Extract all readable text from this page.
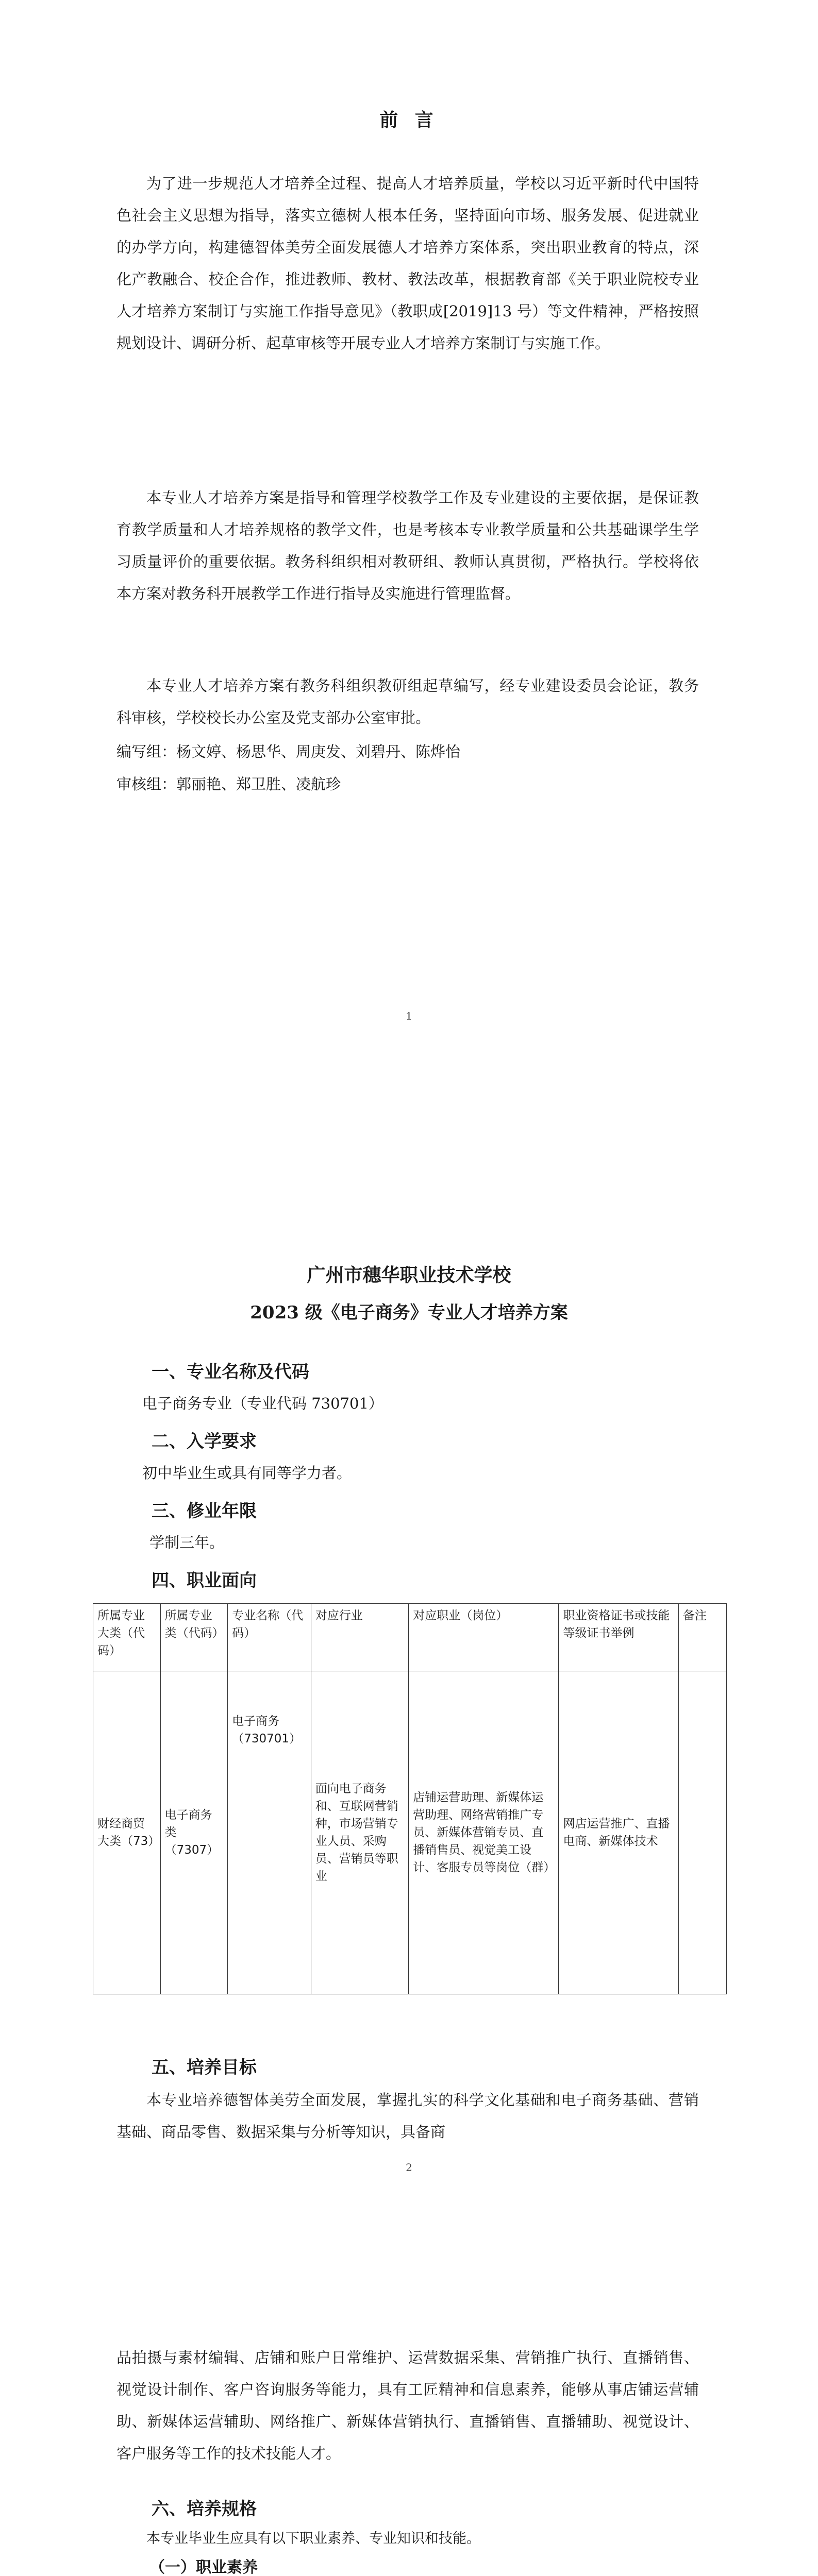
前 言
为了进一步规范人才培养全过程、提高人才培养质量，学校以习近平新时代中国特色社会主义思想为指导，落实立德树人根本任务，坚持面向市场、服务发展、促进就业的办学方向，构建德智体美劳全面发展德人才培养方案体系，突出职业教育的特点，深化产教融合、校企合作，推进教师、教材、教法改革，根据教育部《关于职业院校专业人才培养方案制订与实施工作指导意见》（教职成[2019]13 号）等文件精神，严格按照规划设计、调研分析、起草审核等开展专业人才培养方案制订与实施工作。
本专业人才培养方案是指导和管理学校教学工作及专业建设的主要依据，是保证教育教学质量和人才培养规格的教学文件，也是考核本专业教学质量和公共基础课学生学习质量评价的重要依据。教务科组织相对教研组、教师认真贯彻，严格执行。学校将依本方案对教务科开展教学工作进行指导及实施进行管理监督。
本专业人才培养方案有教务科组织教研组起草编写，经专业建设委员会论证，教务科审核，学校校长办公室及党支部办公室审批。
编写组：杨文婷、杨思华、周庚发、刘碧丹、陈烨怡
审核组：郭丽艳、郑卫胜、凌航珍
1
广州市穗华职业技术学校
2023 级《电子商务》专业人才培养方案
一、专业名称及代码
电子商务专业（专业代码 730701）
二、入学要求
初中毕业生或具有同等学力者。
三、修业年限
学制三年。
四、职业面向
所属专业大类（代码）	所属专业类（代码）	专业名称（代码）	对应行业	对应职业（岗位）	职业资格证书或技能等级证书举例	备注
财经商贸大类（73）	电子商务类（7307）	电子商务（730701）	面向电子商务和、互联网营销种，市场营销专业人员、采购员、营销员等职业	店铺运营助理、新媒体运营助理、网络营销推广专员、新媒体营销专员、直播销售员、视觉美工设计、客服专员等岗位（群）	网店运营推广、直播电商、新媒体技术	
五、培养目标
本专业培养德智体美劳全面发展，掌握扎实的科学文化基础和电子商务基础、营销基础、商品零售、数据采集与分析等知识，具备商
2
品拍摄与素材编辑、店铺和账户日常维护、运营数据采集、营销推广执行、直播销售、视觉设计制作、客户咨询服务等能力，具有工匠精神和信息素养，能够从事店铺运营辅助、新媒体运营辅助、网络推广、新媒体营销执行、直播销售、直播辅助、视觉设计、客户服务等工作的技术技能人才。
六、培养规格
本专业毕业生应具有以下职业素养、专业知识和技能。
（一）职业素养
